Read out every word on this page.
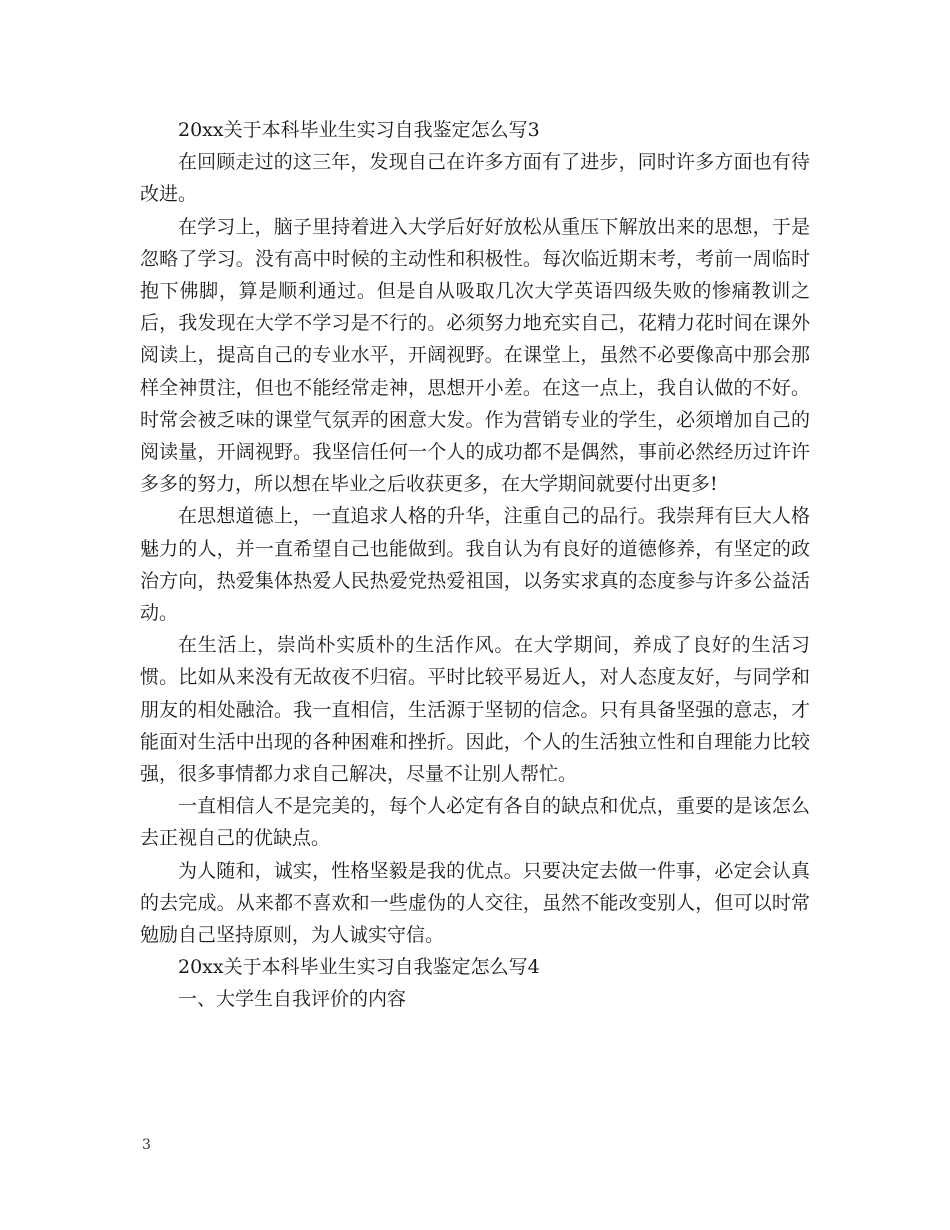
20xx关于本科毕业生实习自我鉴定怎么写3

在回顾走过的这三年，发现自己在许多方面有了进步，同时许多方面也有待改进。

在学习上，脑子里持着进入大学后好好放松从重压下解放出来的思想，于是忽略了学习。没有高中时候的主动性和积极性。每次临近期末考，考前一周临时抱下佛脚，算是顺利通过。但是自从吸取几次大学英语四级失败的惨痛教训之后，我发现在大学不学习是不行的。必须努力地充实自己，花精力花时间在课外阅读上，提高自己的专业水平，开阔视野。在课堂上，虽然不必要像高中那会那样全神贯注，但也不能经常走神，思想开小差。在这一点上，我自认做的不好。时常会被乏味的课堂气氛弄的困意大发。作为营销专业的学生，必须增加自己的阅读量，开阔视野。我坚信任何一个人的成功都不是偶然，事前必然经历过许许多多的努力，所以想在毕业之后收获更多，在大学期间就要付出更多!

在思想道德上，一直追求人格的升华，注重自己的品行。我崇拜有巨大人格魅力的人，并一直希望自己也能做到。我自认为有良好的道德修养，有坚定的政治方向，热爱集体热爱人民热爱党热爱祖国，以务实求真的态度参与许多公益活动。

在生活上，崇尚朴实质朴的生活作风。在大学期间，养成了良好的生活习惯。比如从来没有无故夜不归宿。平时比较平易近人，对人态度友好，与同学和朋友的相处融洽。我一直相信，生活源于坚韧的信念。只有具备坚强的意志，才能面对生活中出现的各种困难和挫折。因此，个人的生活独立性和自理能力比较强，很多事情都力求自己解决，尽量不让别人帮忙。

一直相信人不是完美的，每个人必定有各自的缺点和优点，重要的是该怎么去正视自己的优缺点。

为人随和，诚实，性格坚毅是我的优点。只要决定去做一件事，必定会认真的去完成。从来都不喜欢和一些虚伪的人交往，虽然不能改变别人，但可以时常勉励自己坚持原则，为人诚实守信。

20xx关于本科毕业生实习自我鉴定怎么写4

一、大学生自我评价的内容

3
